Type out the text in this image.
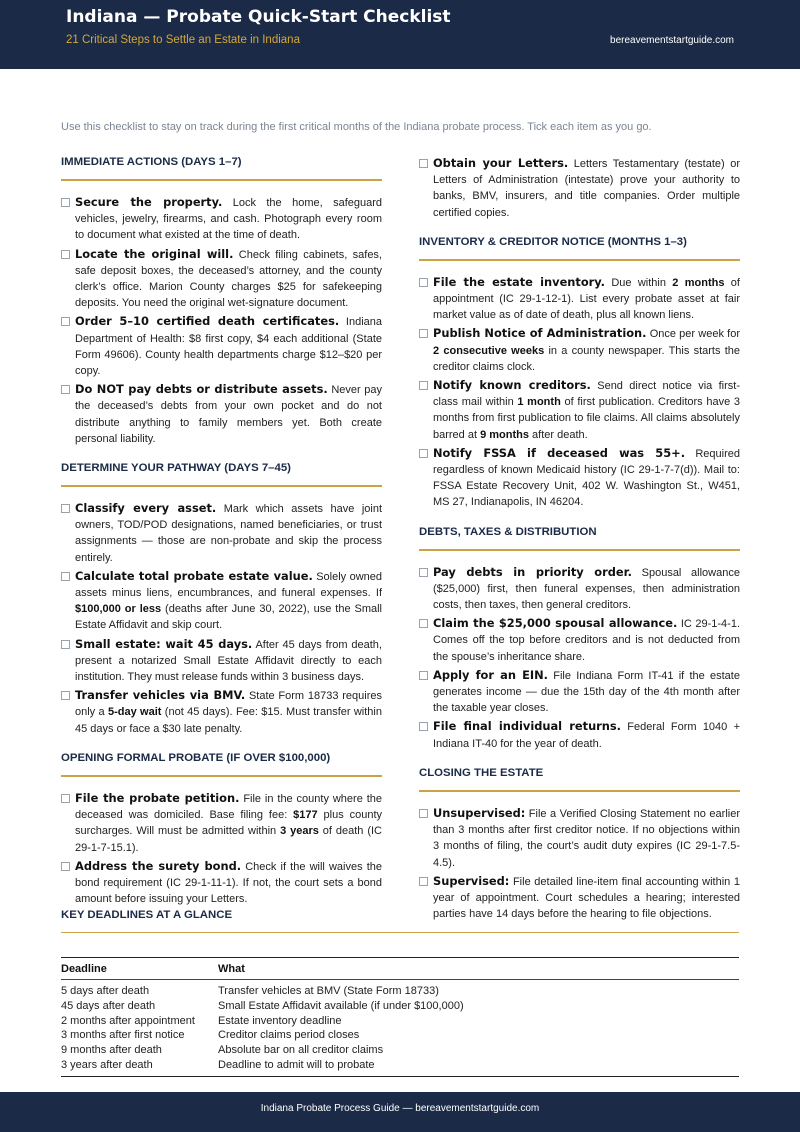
Indiana — Probate Quick-Start Checklist
21 Critical Steps to Settle an Estate in Indiana	bereavementstartguide.com
Use this checklist to stay on track during the first critical months of the Indiana probate process. Tick each item as you go.
IMMEDIATE ACTIONS (DAYS 1–7)
Secure the property. Lock the home, safeguard vehicles, jewelry, firearms, and cash. Photograph every room to document what existed at the time of death.
Locate the original will. Check filing cabinets, safes, safe deposit boxes, the deceased’s attorney, and the county clerk’s office. Marion County charges $25 for safekeeping deposits. You need the original wet-signature document.
Order 5–10 certified death certificates. Indiana Department of Health: $8 first copy, $4 each additional (State Form 49606). County health departments charge $12–$20 per copy.
Do NOT pay debts or distribute assets. Never pay the deceased’s debts from your own pocket and do not distribute anything to family members yet. Both create personal liability.
DETERMINE YOUR PATHWAY (DAYS 7–45)
Classify every asset. Mark which assets have joint owners, TOD/POD designations, named beneficiaries, or trust assignments — those are non-probate and skip the process entirely.
Calculate total probate estate value. Solely owned assets minus liens, encumbrances, and funeral expenses. If $100,000 or less (deaths after June 30, 2022), use the Small Estate Affidavit and skip court.
Small estate: wait 45 days. After 45 days from death, present a notarized Small Estate Affidavit directly to each institution. They must release funds within 3 business days.
Transfer vehicles via BMV. State Form 18733 requires only a 5-day wait (not 45 days). Fee: $15. Must transfer within 45 days or face a $30 late penalty.
OPENING FORMAL PROBATE (IF OVER $100,000)
File the probate petition. File in the county where the deceased was domiciled. Base filing fee: $177 plus county surcharges. Will must be admitted within 3 years of death (IC 29-1-7-15.1).
Address the surety bond. Check if the will waives the bond requirement (IC 29-1-11-1). If not, the court sets a bond amount before issuing your Letters.
Obtain your Letters. Letters Testamentary (testate) or Letters of Administration (intestate) prove your authority to banks, BMV, insurers, and title companies. Order multiple certified copies.
INVENTORY & CREDITOR NOTICE (MONTHS 1–3)
File the estate inventory. Due within 2 months of appointment (IC 29-1-12-1). List every probate asset at fair market value as of date of death, plus all known liens.
Publish Notice of Administration. Once per week for 2 consecutive weeks in a county newspaper. This starts the creditor claims clock.
Notify known creditors. Send direct notice via first-class mail within 1 month of first publication. Creditors have 3 months from first publication to file claims. All claims absolutely barred at 9 months after death.
Notify FSSA if deceased was 55+. Required regardless of known Medicaid history (IC 29-1-7-7(d)). Mail to: FSSA Estate Recovery Unit, 402 W. Washington St., W451, MS 27, Indianapolis, IN 46204.
DEBTS, TAXES & DISTRIBUTION
Pay debts in priority order. Spousal allowance ($25,000) first, then funeral expenses, then administration costs, then taxes, then general creditors.
Claim the $25,000 spousal allowance. IC 29-1-4-1. Comes off the top before creditors and is not deducted from the spouse’s inheritance share.
Apply for an EIN. File Indiana Form IT-41 if the estate generates income — due the 15th day of the 4th month after the taxable year closes.
File final individual returns. Federal Form 1040 + Indiana IT-40 for the year of death.
CLOSING THE ESTATE
Unsupervised: File a Verified Closing Statement no earlier than 3 months after first creditor notice. If no objections within 3 months of filing, the court’s audit duty expires (IC 29-1-7.5-4.5).
Supervised: File detailed line-item final accounting within 1 year of appointment. Court schedules a hearing; interested parties have 14 days before the hearing to file objections.
KEY DEADLINES AT A GLANCE
Deadline	What
5 days after death	Transfer vehicles at BMV (State Form 18733)
45 days after death	Small Estate Affidavit available (if under $100,000)
2 months after appointment	Estate inventory deadline
3 months after first notice	Creditor claims period closes
9 months after death	Absolute bar on all creditor claims
3 years after death	Deadline to admit will to probate
Indiana Probate Process Guide — bereavementstartguide.com
